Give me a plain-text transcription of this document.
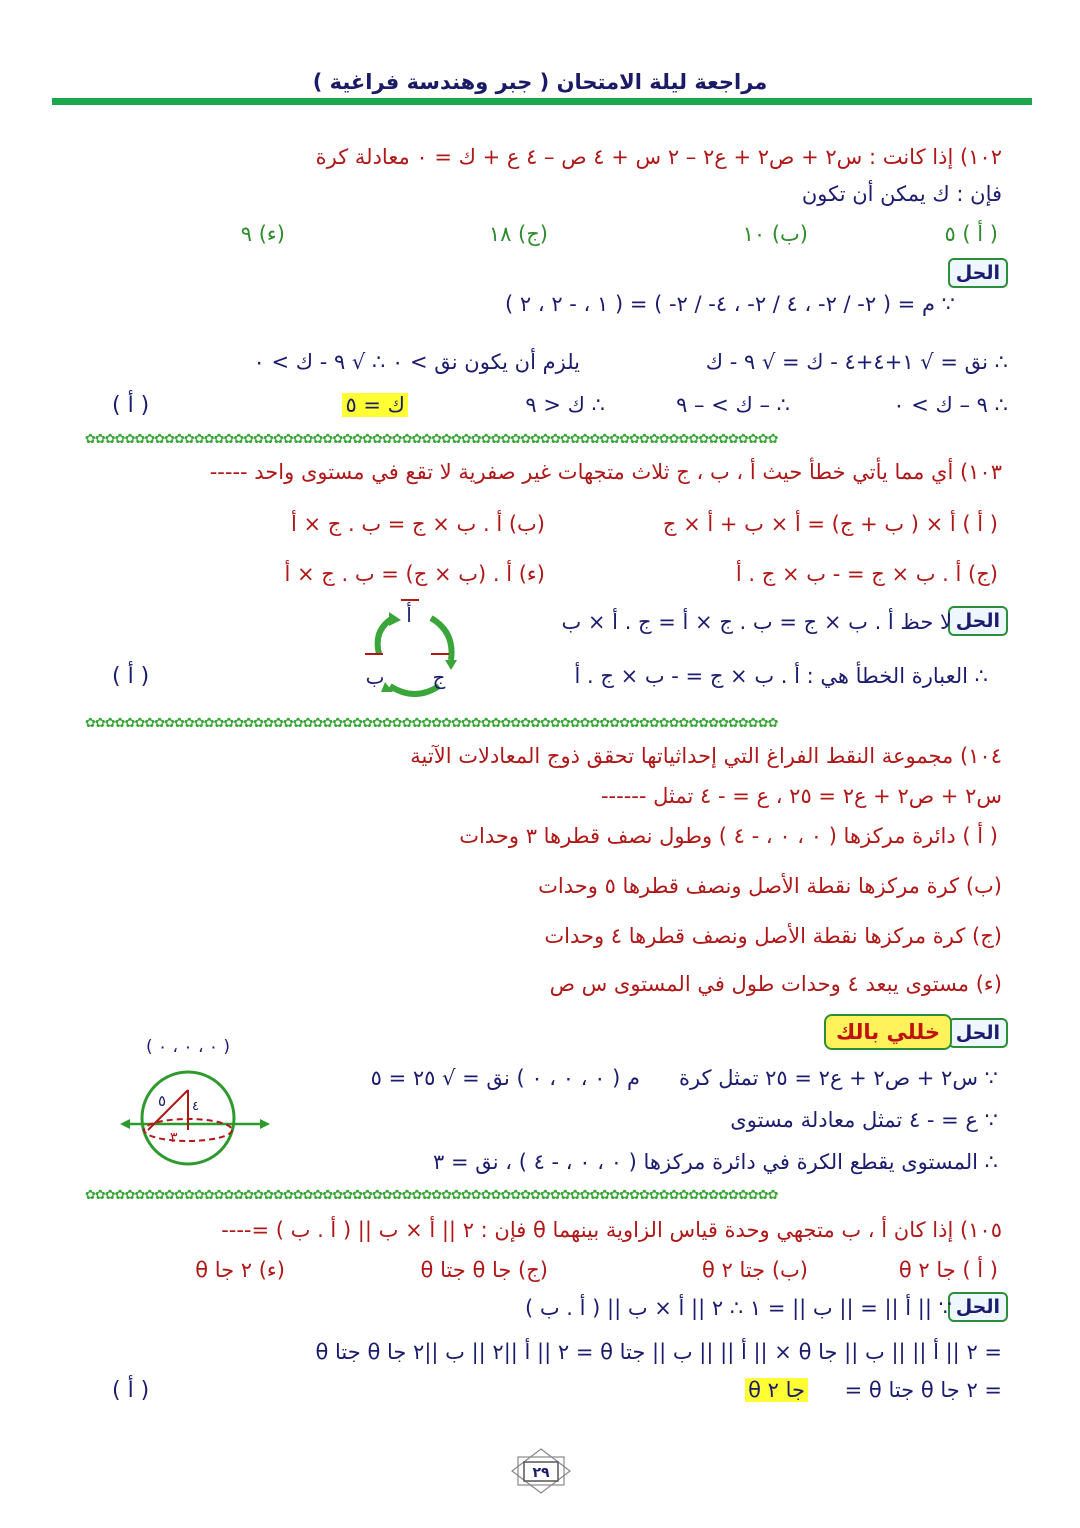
مراجعة ليلة الامتحان ( جبر وهندسة فراغية )
١٠٢) إذا كانت : س٢ + ص٢ + ع٢ – ٢ س + ٤ ص – ٤ ع + ك = ٠ معادلة كرة
فإن : ك يمكن أن تكون
( أ ) ٥
(ب) ١٠
(ج) ١٨
(ء) ٩
الحل
∵ م = ( ٢- / ٢- ، ٤ / ٢- ، ٤- / ٢- ) = ( ١ ، - ٢ ، ٢ )
∴ نق = √ ١+٤+٤ - ك = √ ٩ - ك
يلزم أن يكون نق > ٠ ∴ √ ٩ - ك > ٠
∴ ٩ – ك > ٠
∴ – ك > – ٩
∴ ك < ٩
ك = ٥
( أ )
✿✿✿✿✿✿✿✿✿✿✿✿✿✿✿✿✿✿✿✿✿✿✿✿✿✿✿✿✿✿✿✿✿✿✿✿✿✿✿✿✿✿✿✿✿✿✿✿✿✿✿✿✿✿✿✿✿✿✿✿✿✿✿✿✿✿✿✿✿✿
١٠٣) أي مما يأتي خطأ حيث أ ، ب ، ج ثلاث متجهات غير صفرية لا تقع في مستوى واحد -----
( أ ) أ × ( ب + ج) = أ × ب + أ × ج
(ب) أ . ب × ج = ب . ج × أ
(ج) أ . ب × ج = - ب × ج . أ
(ء) أ . (ب × ج) = ب . ج × أ
الحل
لا حظ أ . ب × ج = ب . ج × أ = ج . أ × ب
∴ العبارة الخطأ هي : أ . ب × ج = - ب × ج . أ
( أ )
أ
ب ج
✿✿✿✿✿✿✿✿✿✿✿✿✿✿✿✿✿✿✿✿✿✿✿✿✿✿✿✿✿✿✿✿✿✿✿✿✿✿✿✿✿✿✿✿✿✿✿✿✿✿✿✿✿✿✿✿✿✿✿✿✿✿✿✿✿✿✿✿✿✿
١٠٤) مجموعة النقط الفراغ التي إحداثياتها تحقق ذوج المعادلات الآتية
س٢ + ص٢ + ع٢ = ٢٥ ، ع = - ٤ تمثل ------
( أ ) دائرة مركزها ( ٠ ، ٠ ، - ٤ ) وطول نصف قطرها ٣ وحدات
(ب) كرة مركزها نقطة الأصل ونصف قطرها ٥ وحدات
(ج) كرة مركزها نقطة الأصل ونصف قطرها ٤ وحدات
(ء) مستوى يبعد ٤ وحدات طول في المستوى س ص
الحل
خللي بالك
∵ س٢ + ص٢ + ع٢ = ٢٥ تمثل كرة
م ( ٠ ، ٠ ، ٠ ) نق = √ ٢٥ = ٥
∵ ع = - ٤ تمثل معادلة مستوى
∴ المستوى يقطع الكرة في دائرة مركزها ( ٠ ، ٠ ، - ٤ ) ، نق = ٣
( ٠ ، ٠ ، ٠ )
٥ ٤
٣
✿✿✿✿✿✿✿✿✿✿✿✿✿✿✿✿✿✿✿✿✿✿✿✿✿✿✿✿✿✿✿✿✿✿✿✿✿✿✿✿✿✿✿✿✿✿✿✿✿✿✿✿✿✿✿✿✿✿✿✿✿✿✿✿✿✿✿✿✿✿
١٠٥) إذا كان أ ، ب متجهي وحدة قياس الزاوية بينهما θ فإن : ٢ || أ × ب || ( أ . ب ) =----
( أ ) جا ٢ θ
(ب) جتا ٢ θ
(ج) جا θ جتا θ
(ء) ٢ جا θ
الحل
∵ || أ || = || ب || = ١ ∴ ٢ || أ × ب || ( أ . ب )
= ٢ || أ || || ب || جا θ × || أ || || ب || جتا θ = ٢ || أ ||٢ || ب ||٢ جا θ جتا θ
= ٢ جا θ جتا θ =
جا ٢ θ
( أ )
٢٩
